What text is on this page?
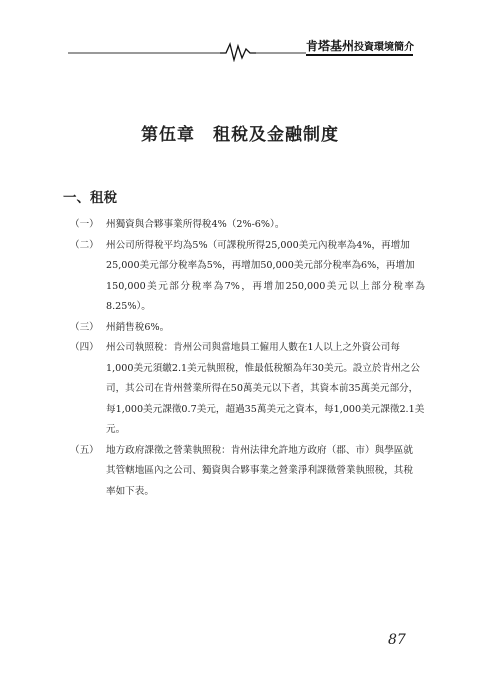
肯塔基州投資環境簡介
第伍章　租稅及金融制度
一、租稅
（一） 州獨資與合夥事業所得稅4%（2%-6%）。
（二） 州公司所得稅平均為5%（可課稅所得25,000美元內稅率為4%，再增加
25,000美元部分稅率為5%，再增加50,000美元部分稅率為6%，再增加
150,000美元部分稅率為7%，再增加250,000美元以上部分稅率為8.25%）。
（三） 州銷售稅6%。
（四） 州公司執照稅：肯州公司與當地員工僱用人數在1人以上之外資公司每
1,000美元須繳2.1美元執照稅，惟最低稅額為年30美元。設立於肯州之公
司，其公司在肯州營業所得在50萬美元以下者，其資本前35萬美元部分，
每1,000美元課徵0.7美元，超過35萬美元之資本，每1,000美元課徵2.1美
元。
（五） 地方政府課徵之營業執照稅：肯州法律允許地方政府（郡、市）與學區就
其管轄地區內之公司、獨資與合夥事業之營業淨利課徵營業執照稅，其稅
率如下表。
87
